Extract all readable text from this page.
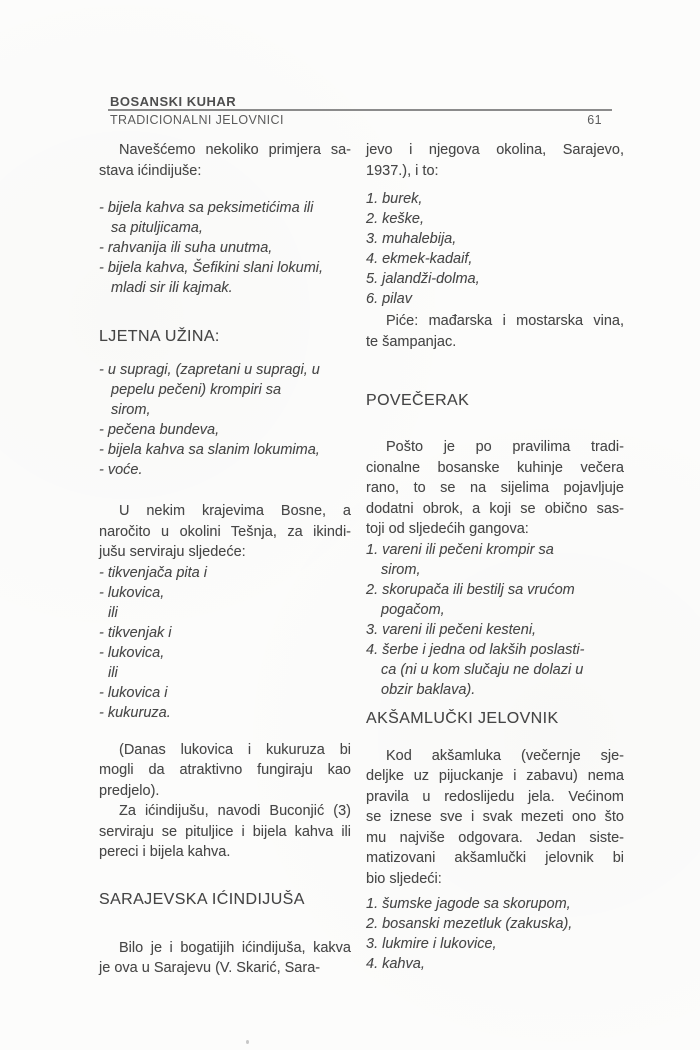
BOSANSKI KUHAR
TRADICIONALNI JELOVNICI	61
Navešćemo nekoliko primjera sa-
stava ićindijuše:
- bijela kahva sa peksimetićima ili
sa pituljicama,
- rahvanija ili suha unutma,
- bijela kahva, Šefikini slani lokumi,
mladi sir ili kajmak.
LJETNA UŽINA:
- u supragi, (zapretani u supragi, u
pepelu pečeni) krompiri sa
sirom,
- pečena bundeva,
- bijela kahva sa slanim lokumima,
- voće.
U nekim krajevima Bosne, a
naročito u okolini Tešnja, za ikindi-
jušu serviraju sljedeće:
- tikvenjača pita i
- lukovica,
ili
- tikvenjak i
- lukovica,
ili
- lukovica i
- kukuruza.
(Danas lukovica i kukuruza bi
mogli da atraktivno fungiraju kao
predjelo).
Za ićindijušu, navodi Buconjić (3)
serviraju se pituljice i bijela kahva ili
pereci i bijela kahva.
SARAJEVSKA IĆINDIJUŠA
Bilo je i bogatijih ićindijuša, kakva
je ova u Sarajevu (V. Skarić, Sara-
jevo i njegova okolina, Sarajevo,
1937.), i to:
1. burek,
2. keške,
3. muhalebija,
4. ekmek-kadaif,
5. jalandži-dolma,
6. pilav
Piće: mađarska i mostarska vina,
te šampanjac.
POVEČERAK
Pošto je po pravilima tradi-
cionalne bosanske kuhinje večera
rano, to se na sijelima pojavljuje
dodatni obrok, a koji se obično sas-
toji od sljedećih gangova:
1. vareni ili pečeni krompir sa
sirom,
2. skorupača ili bestilj sa vrućom
pogačom,
3. vareni ili pečeni kesteni,
4. šerbe i jedna od lakših poslasti-
ca (ni u kom slučaju ne dolazi u
obzir baklava).
AKŠAMLUČKI JELOVNIK
Kod akšamluka (večernje sje-
deljke uz pijuckanje i zabavu) nema
pravila u redoslijedu jela. Većinom
se iznese sve i svak mezeti ono što
mu najviše odgovara. Jedan siste-
matizovani akšamlučki jelovnik bi
bio sljedeći:
1. šumske jagode sa skorupom,
2. bosanski mezetluk (zakuska),
3. lukmire i lukovice,
4. kahva,
